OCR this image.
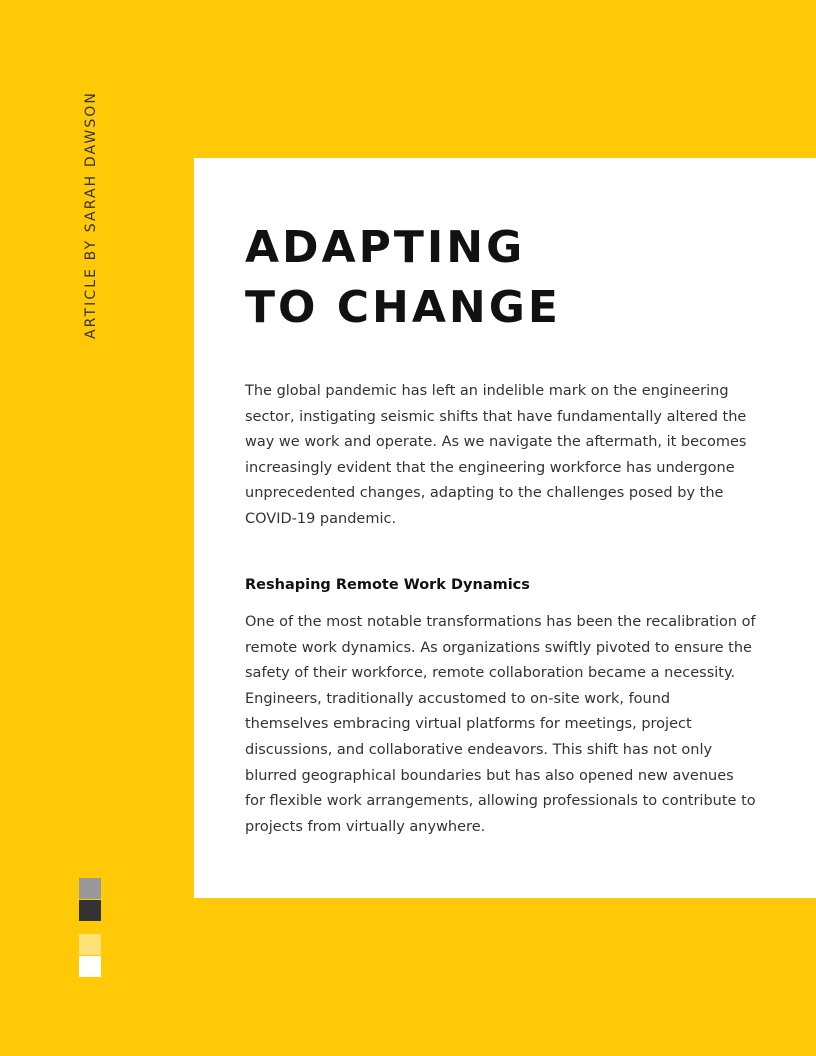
ARTICLE BY SARAH DAWSON	ADAPTING
TO CHANGE

The global pandemic has left an indelible mark on the engineering sector, instigating seismic shifts that have fundamentally altered the way we work and operate. As we navigate the aftermath, it becomes increasingly evident that the engineering workforce has undergone unprecedented changes, adapting to the challenges posed by the COVID-19 pandemic.

Reshaping Remote Work Dynamics

One of the most notable transformations has been the recalibration of remote work dynamics. As organizations swiftly pivoted to ensure the safety of their workforce, remote collaboration became a necessity. Engineers, traditionally accustomed to on-site work, found themselves embracing virtual platforms for meetings, project discussions, and collaborative endeavors. This shift has not only blurred geographical boundaries but has also opened new avenues for flexible work arrangements, allowing professionals to contribute to projects from virtually anywhere.
